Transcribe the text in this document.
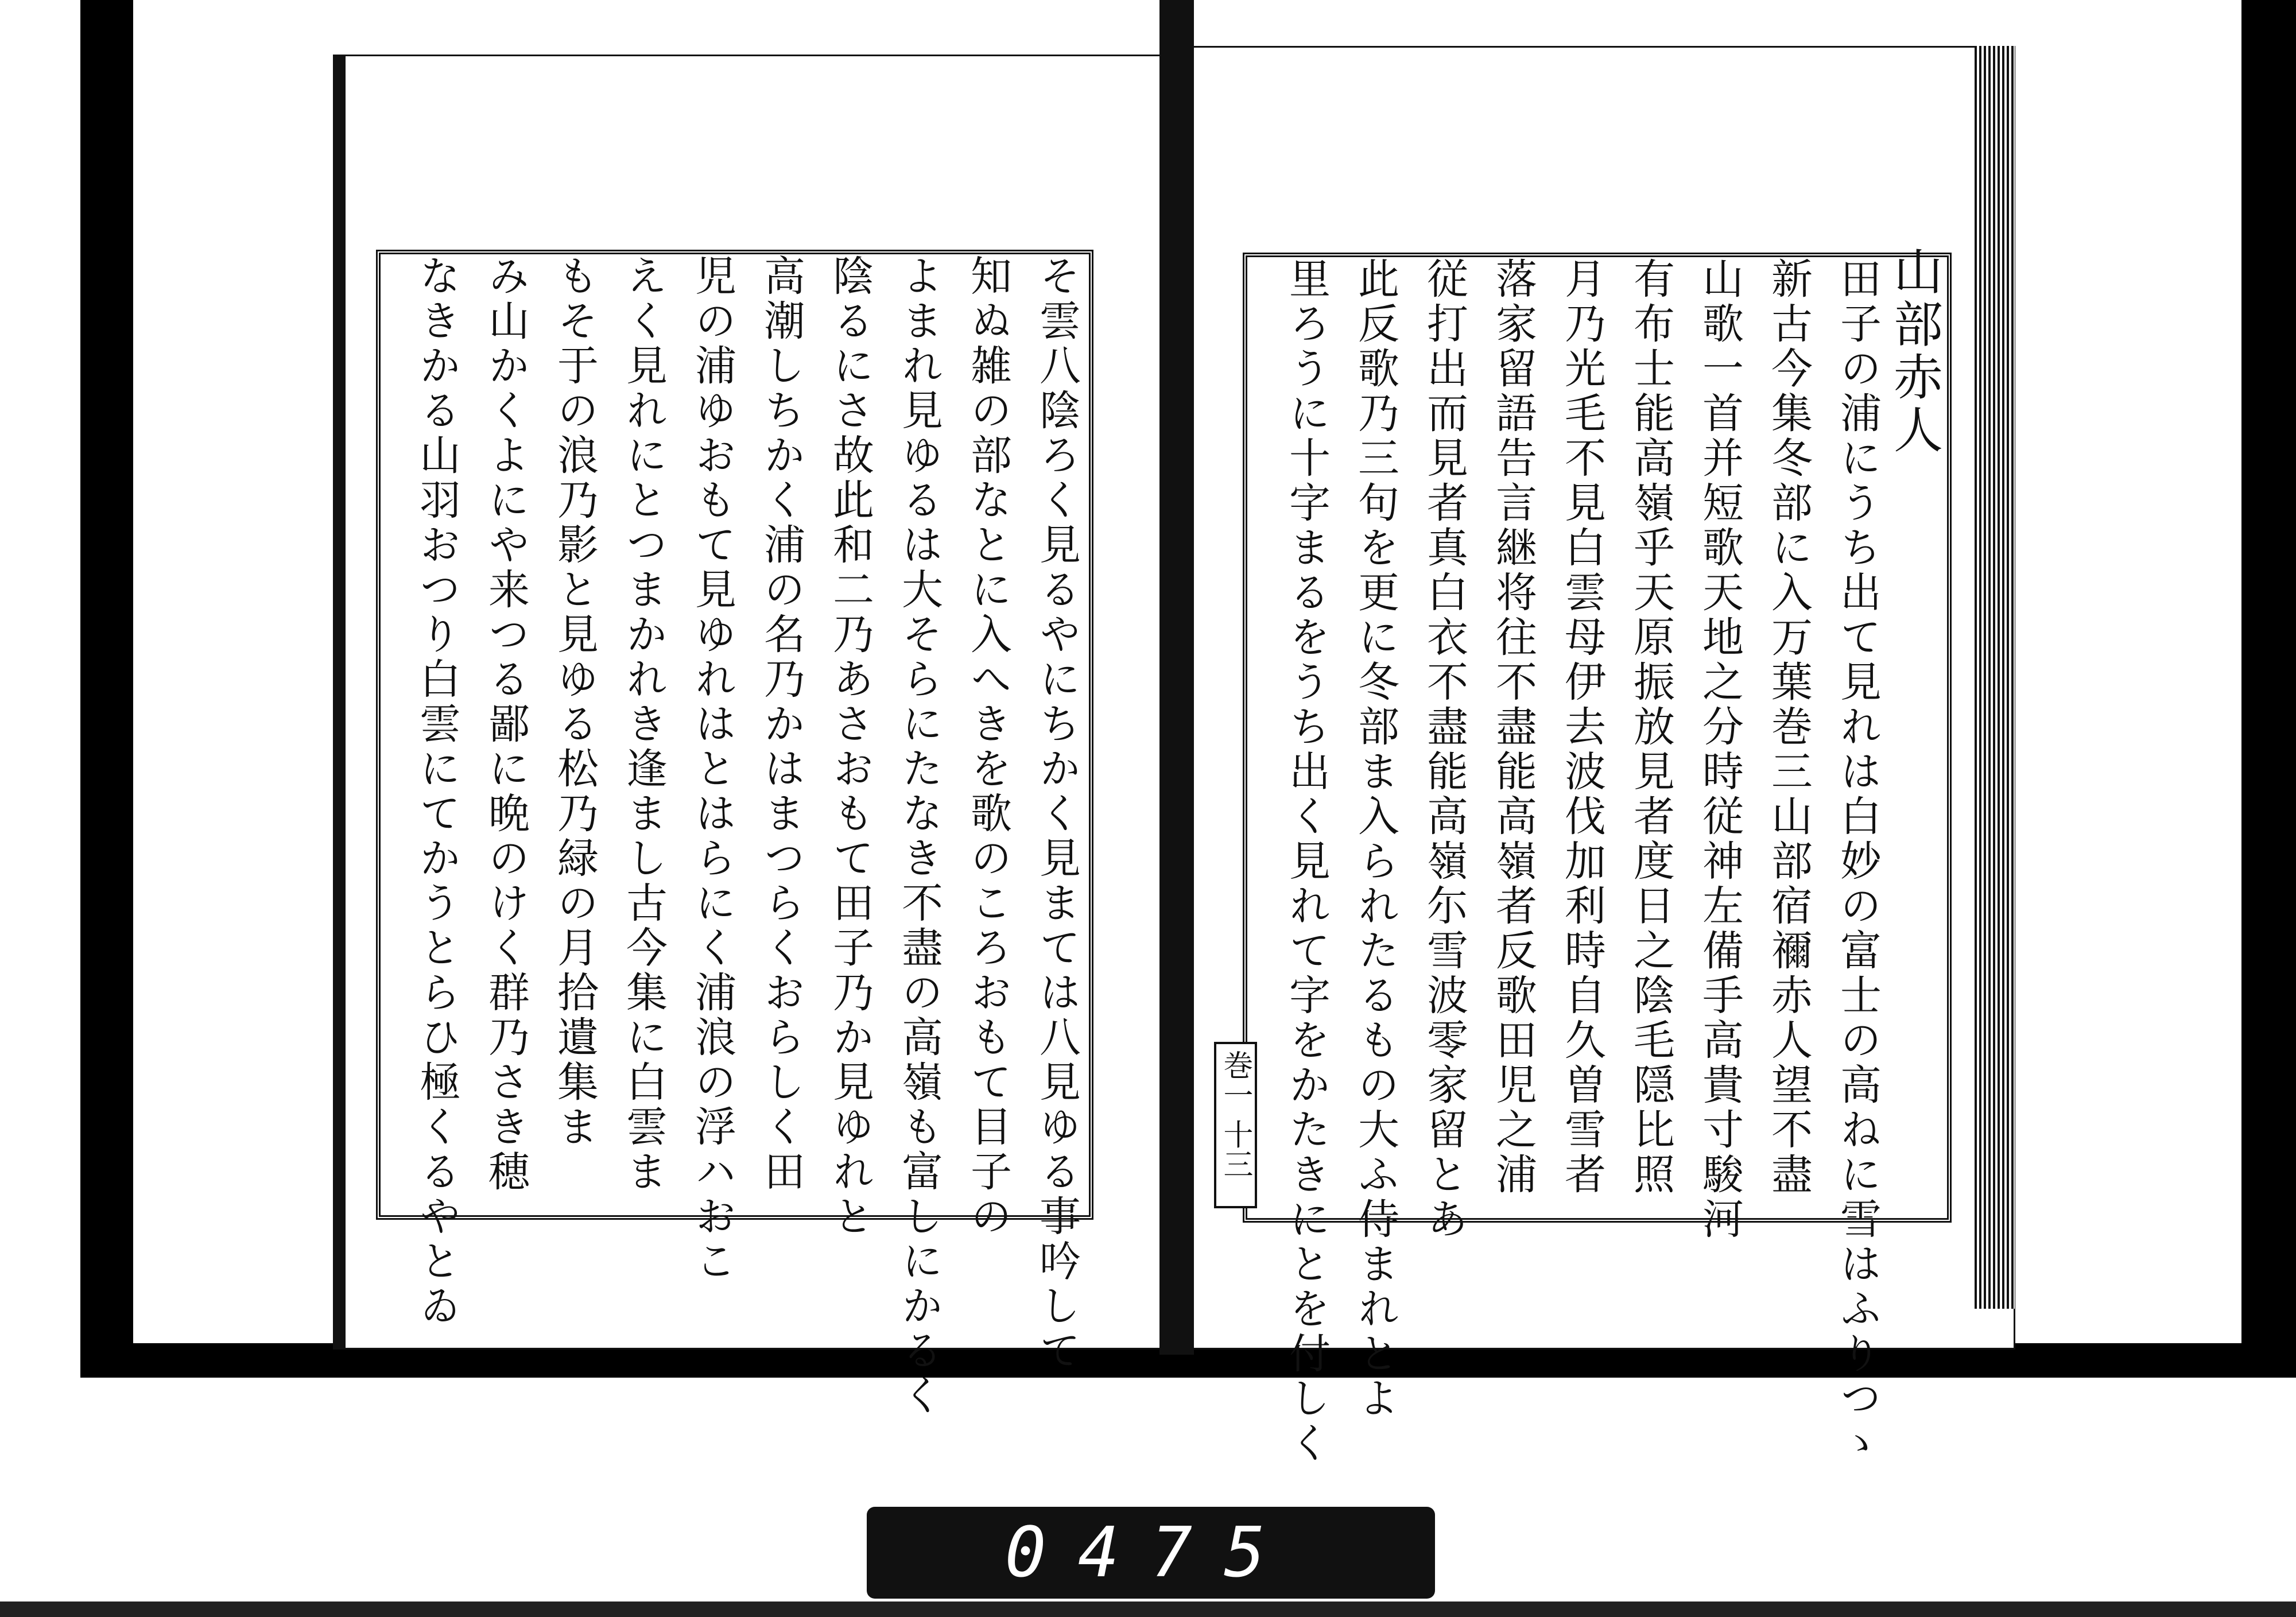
そ雲八陰ろく見るやにちかく見まては八見ゆる事吟して
知ぬ雑の部なとに入へきを歌のころおもて目子の
よまれ見ゆるは大そらにたなき不盡の高嶺も富しにかるく
陰るにさ故此和二乃あさおもて田子乃か見ゆれと
高潮しちかく浦の名乃かはまつらくおらしく田
児の浦ゆおもて見ゆれはとはらにく浦浪の浮ハおこ
えく見れにとつまかれき逢まし古今集に白雲ま
もそ于の浪乃影と見ゆる松乃緑の月拾遺集ま
み山かくよにや来つる鄙に晩のけく群乃さき穂
なきかる山羽おつり白雲にてかうとらひ極くるやとゐ	山部赤人
田子の浦にうち出て見れは白妙の富士の高ねに雪はふりつゝ
新古今集冬部に入万葉巻三山部宿禰赤人望不盡
山歌一首并短歌天地之分時従神左備手高貴寸駿河
有布士能高嶺乎天原振放見者度日之陰毛隠比照
月乃光毛不見白雲母伊去波伐加利時自久曽雪者
落家留語告言継将往不盡能高嶺者反歌田児之浦
従打出而見者真白衣不盡能高嶺尓雪波零家留とあ
此反歌乃三句を更に冬部ま入られたるもの大ふ侍まれとよ
里ろうに十字まるをうち出く見れて字をかたきにとを付しく
巻一 十三
0475
